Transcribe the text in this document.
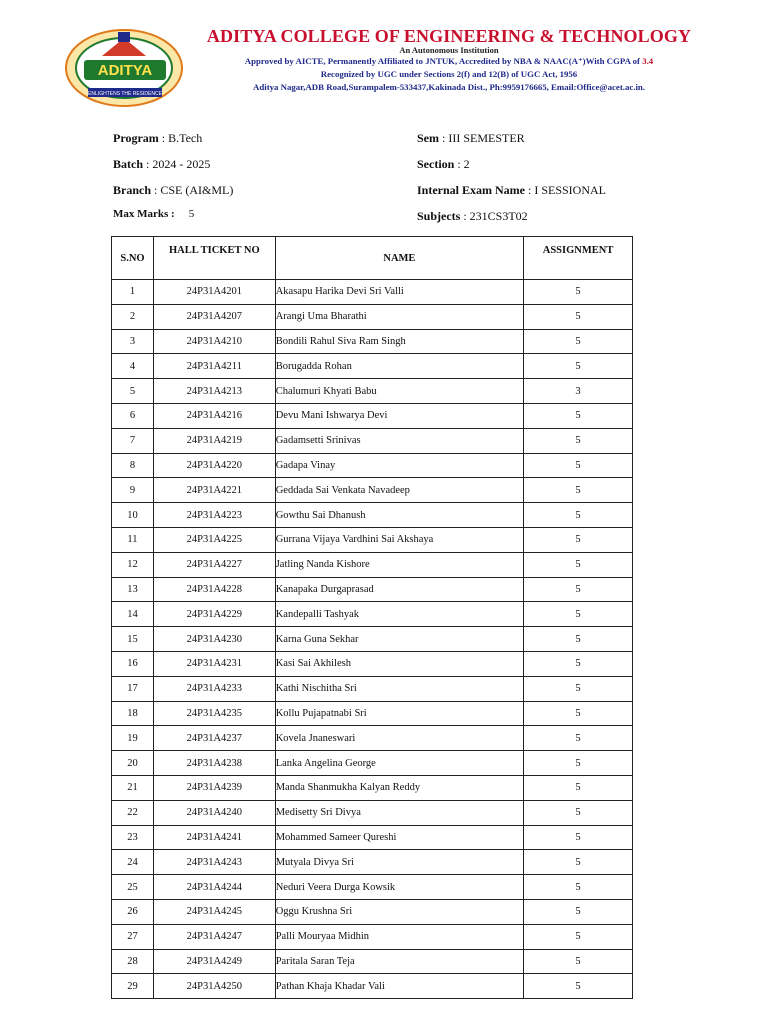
ADITYA
ENLIGHTENS THE RESIDENCE
ADITYA COLLEGE OF ENGINEERING & TECHNOLOGY
An Autonomous Institution
Approved by AICTE, Permanently Affiliated to JNTUK, Accredited by NBA & NAAC(A⁺)With CGPA of 3.4
Recognized by UGC under Sections 2(f) and 12(B) of UGC Act, 1956
Aditya Nagar,ADB Road,Surampalem-533437,Kakinada Dist., Ph:9959176665, Email:Office@acet.ac.in.
Program : B.Tech
Batch : 2024 - 2025
Branch : CSE (AI&ML)
Max Marks : 5
Sem : III SEMESTER
Section : 2
Internal Exam Name : I SESSIONAL
Subjects : 231CS3T02
S.NO	HALL TICKET NO	NAME	ASSIGNMENT
1	24P31A4201	Akasapu Harika Devi Sri Valli	5
2	24P31A4207	Arangi Uma Bharathi	5
3	24P31A4210	Bondili Rahul Siva Ram Singh	5
4	24P31A4211	Borugadda Rohan	5
5	24P31A4213	Chalumuri Khyati Babu	3
6	24P31A4216	Devu Mani Ishwarya Devi	5
7	24P31A4219	Gadamsetti Srinivas	5
8	24P31A4220	Gadapa Vinay	5
9	24P31A4221	Geddada Sai Venkata Navadeep	5
10	24P31A4223	Gowthu Sai Dhanush	5
11	24P31A4225	Gurrana Vijaya Vardhini Sai Akshaya	5
12	24P31A4227	Jatling Nanda Kishore	5
13	24P31A4228	Kanapaka Durgaprasad	5
14	24P31A4229	Kandepalli Tashyak	5
15	24P31A4230	Karna Guna Sekhar	5
16	24P31A4231	Kasi Sai Akhilesh	5
17	24P31A4233	Kathi Nischitha Sri	5
18	24P31A4235	Kollu Pujapatnabi Sri	5
19	24P31A4237	Kovela Jnaneswari	5
20	24P31A4238	Lanka Angelina George	5
21	24P31A4239	Manda Shanmukha Kalyan Reddy	5
22	24P31A4240	Medisetty Sri Divya	5
23	24P31A4241	Mohammed Sameer Qureshi	5
24	24P31A4243	Mutyala Divya Sri	5
25	24P31A4244	Neduri Veera Durga Kowsik	5
26	24P31A4245	Oggu Krushna Sri	5
27	24P31A4247	Palli Mouryaa Midhin	5
28	24P31A4249	Paritala Saran Teja	5
29	24P31A4250	Pathan Khaja Khadar Vali	5
